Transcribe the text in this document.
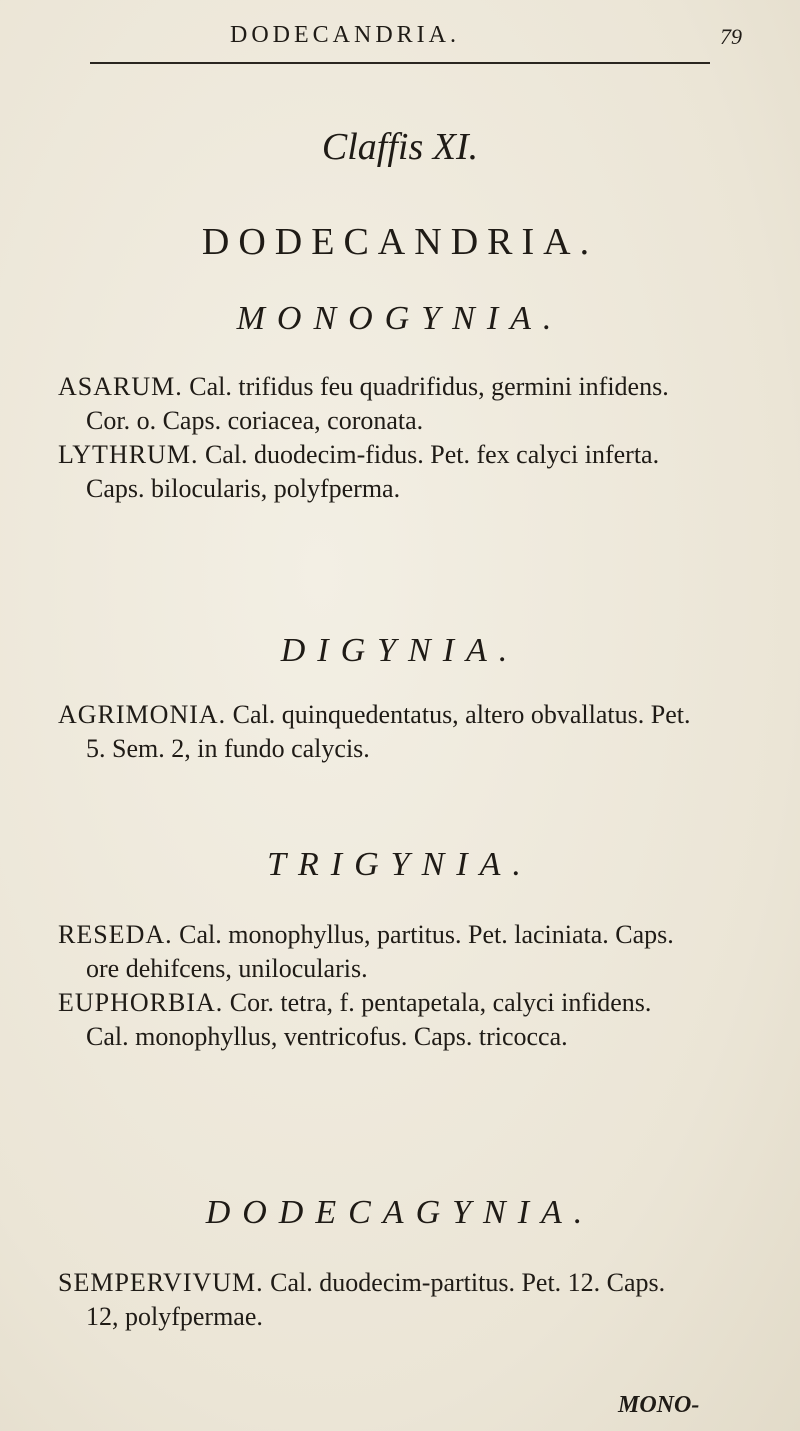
DODECANDRIA.	79
Claffis XI.
DODECANDRIA.
MONOGYNIA.

ASARUM. Cal. trifidus feu quadrifidus, germini infidens. Cor. o. Caps. coriacea, coronata.

LYTHRUM. Cal. duodecim-fidus. Pet. fex calyci inferta. Caps. bilocularis, polyfperma.

DIGYNIA.

AGRIMONIA. Cal. quinquedentatus, altero obvallatus. Pet. 5. Sem. 2, in fundo calycis.

TRIGYNIA.

RESEDA. Cal. monophyllus, partitus. Pet. laciniata. Caps. ore dehifcens, unilocularis.

EUPHORBIA. Cor. tetra, f. pentapetala, calyci infidens. Cal. monophyllus, ventricofus. Caps. tricocca.

DODECAGYNIA.

SEMPERVIVUM. Cal. duodecim-partitus. Pet. 12. Caps. 12, polyfpermae.

MONO-
